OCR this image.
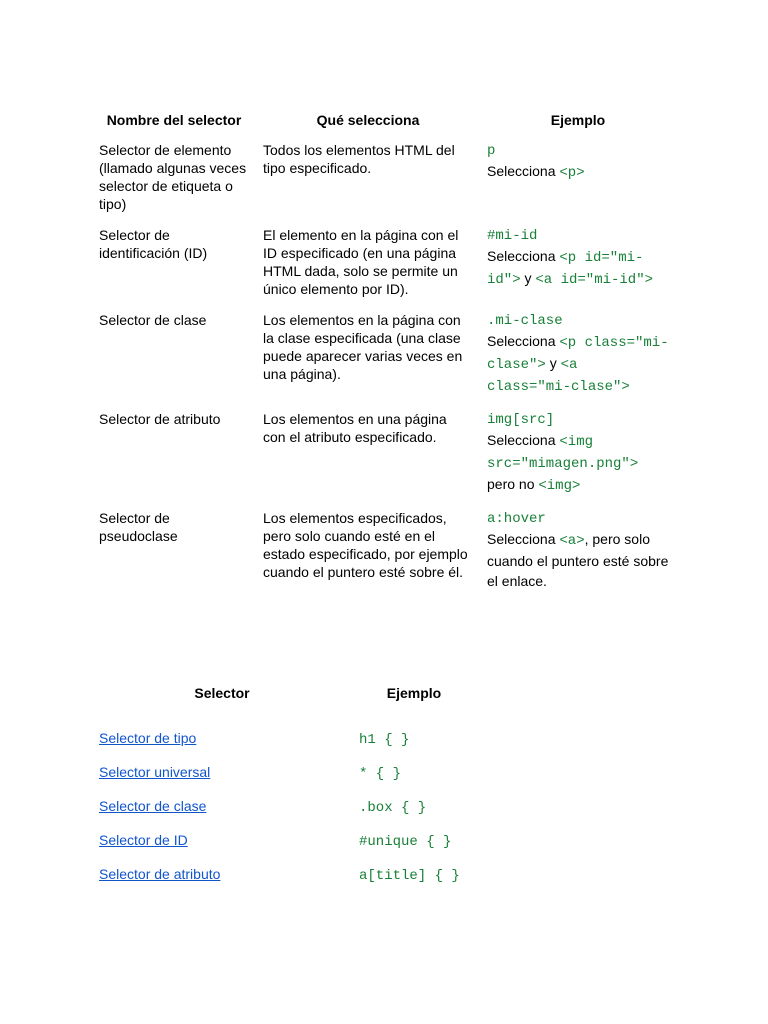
Nombre del selector	Qué selecciona	Ejemplo
Selector de elemento (llamado algunas veces selector de etiqueta o tipo)	Todos los elementos HTML del tipo especificado.	p
Selecciona <p>

Selector de identificación (ID)	El elemento en la página con el ID especificado (en una página HTML dada, solo se permite un único elemento por ID).	#mi-id
Selecciona <p id="mi-id"> y <a id="mi-id">

Selector de clase	Los elementos en la página con la clase especificada (una clase puede aparecer varias veces en una página).	.mi-clase
Selecciona <p class="mi-clase"> y <a class="mi-clase">

Selector de atributo	Los elementos en una página con el atributo especificado.	img[src]
Selecciona <img src="mimagen.png"> pero no <img>

Selector de pseudoclase	Los elementos especificados, pero solo cuando esté en el estado especificado, por ejemplo cuando el puntero esté sobre él.	a:hover
Selecciona <a>, pero solo cuando el puntero esté sobre el enlace.
Selector	Ejemplo
Selector de tipo	h1 { }
Selector universal	* { }
Selector de clase	.box { }
Selector de ID	#unique { }
Selector de atributo	a[title] { }
